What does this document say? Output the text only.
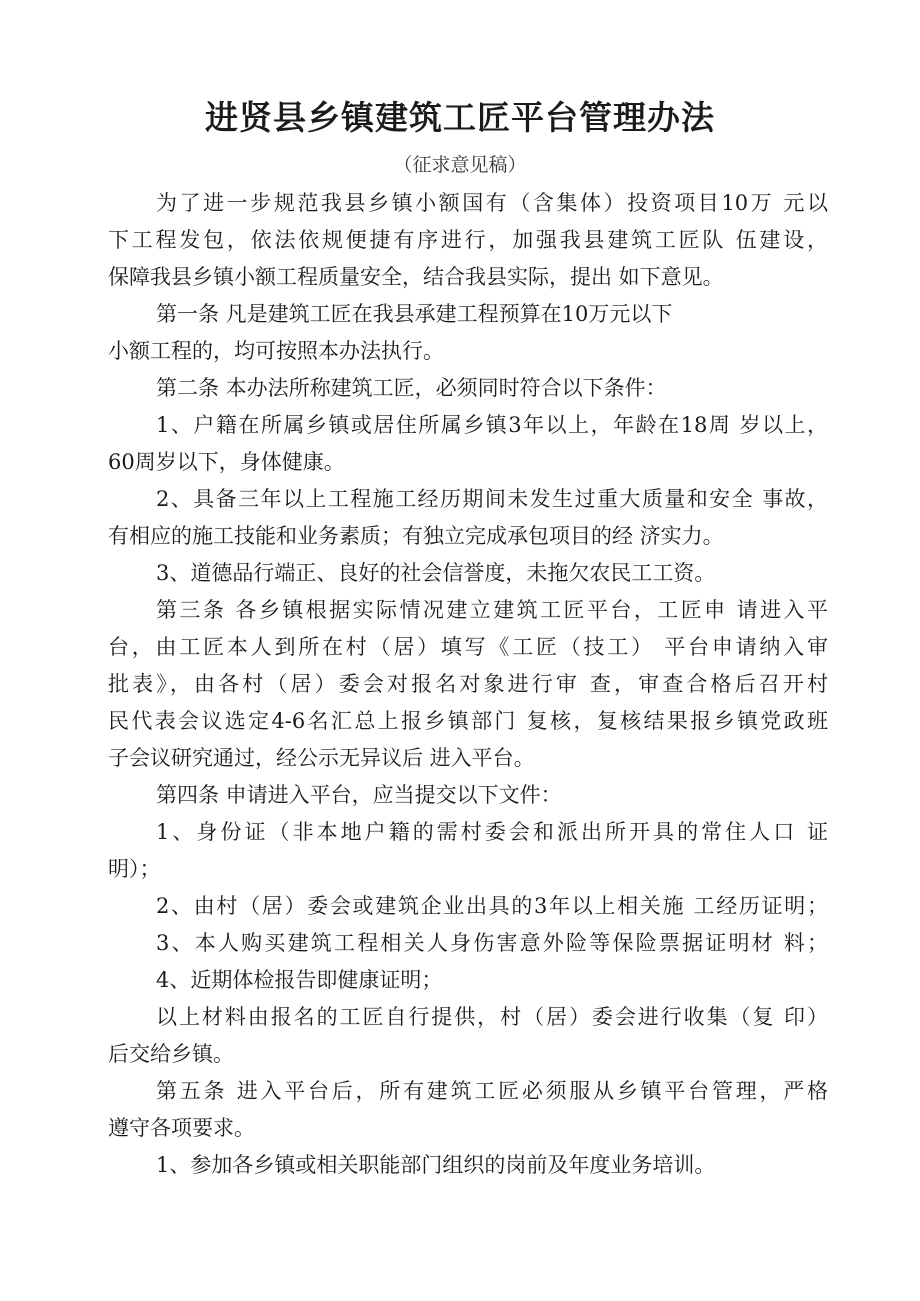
进贤县乡镇建筑工匠平台管理办法
（征求意见稿）
为了进一步规范我县乡镇小额国有（含集体）投资项目10万 元以
下工程发包，依法依规便捷有序进行，加强我县建筑工匠队 伍建设，
保障我县乡镇小额工程质量安全，结合我县实际，提出 如下意见。
第一条 凡是建筑工匠在我县承建工程预算在10万元以下
小额工程的，均可按照本办法执行。
第二条 本办法所称建筑工匠，必须同时符合以下条件：
1、户籍在所属乡镇或居住所属乡镇3年以上，年龄在18周 岁以上，
60周岁以下，身体健康。
2、具备三年以上工程施工经历期间未发生过重大质量和安全 事故，
有相应的施工技能和业务素质；有独立完成承包项目的经 济实力。
3、道德品行端正、良好的社会信誉度，未拖欠农民工工资。
第三条 各乡镇根据实际情况建立建筑工匠平台，工匠申 请进入平
台，由工匠本人到所在村（居）填写《工匠（技工） 平台申请纳入审
批表》，由各村（居）委会对报名对象进行审 查，审查合格后召开村
民代表会议选定4-6名汇总上报乡镇部门 复核，复核结果报乡镇党政班
子会议研究通过，经公示无异议后 进入平台。
第四条 申请进入平台，应当提交以下文件：
1、身份证（非本地户籍的需村委会和派出所开具的常住人口 证
明）；
2、由村（居）委会或建筑企业出具的3年以上相关施 工经历证明；
3、本人购买建筑工程相关人身伤害意外险等保险票据证明材 料；
4、近期体检报告即健康证明；
以上材料由报名的工匠自行提供，村（居）委会进行收集（复 印）
后交给乡镇。
第五条 进入平台后，所有建筑工匠必须服从乡镇平台管理，严格
遵守各项要求。
1、参加各乡镇或相关职能部门组织的岗前及年度业务培训。
